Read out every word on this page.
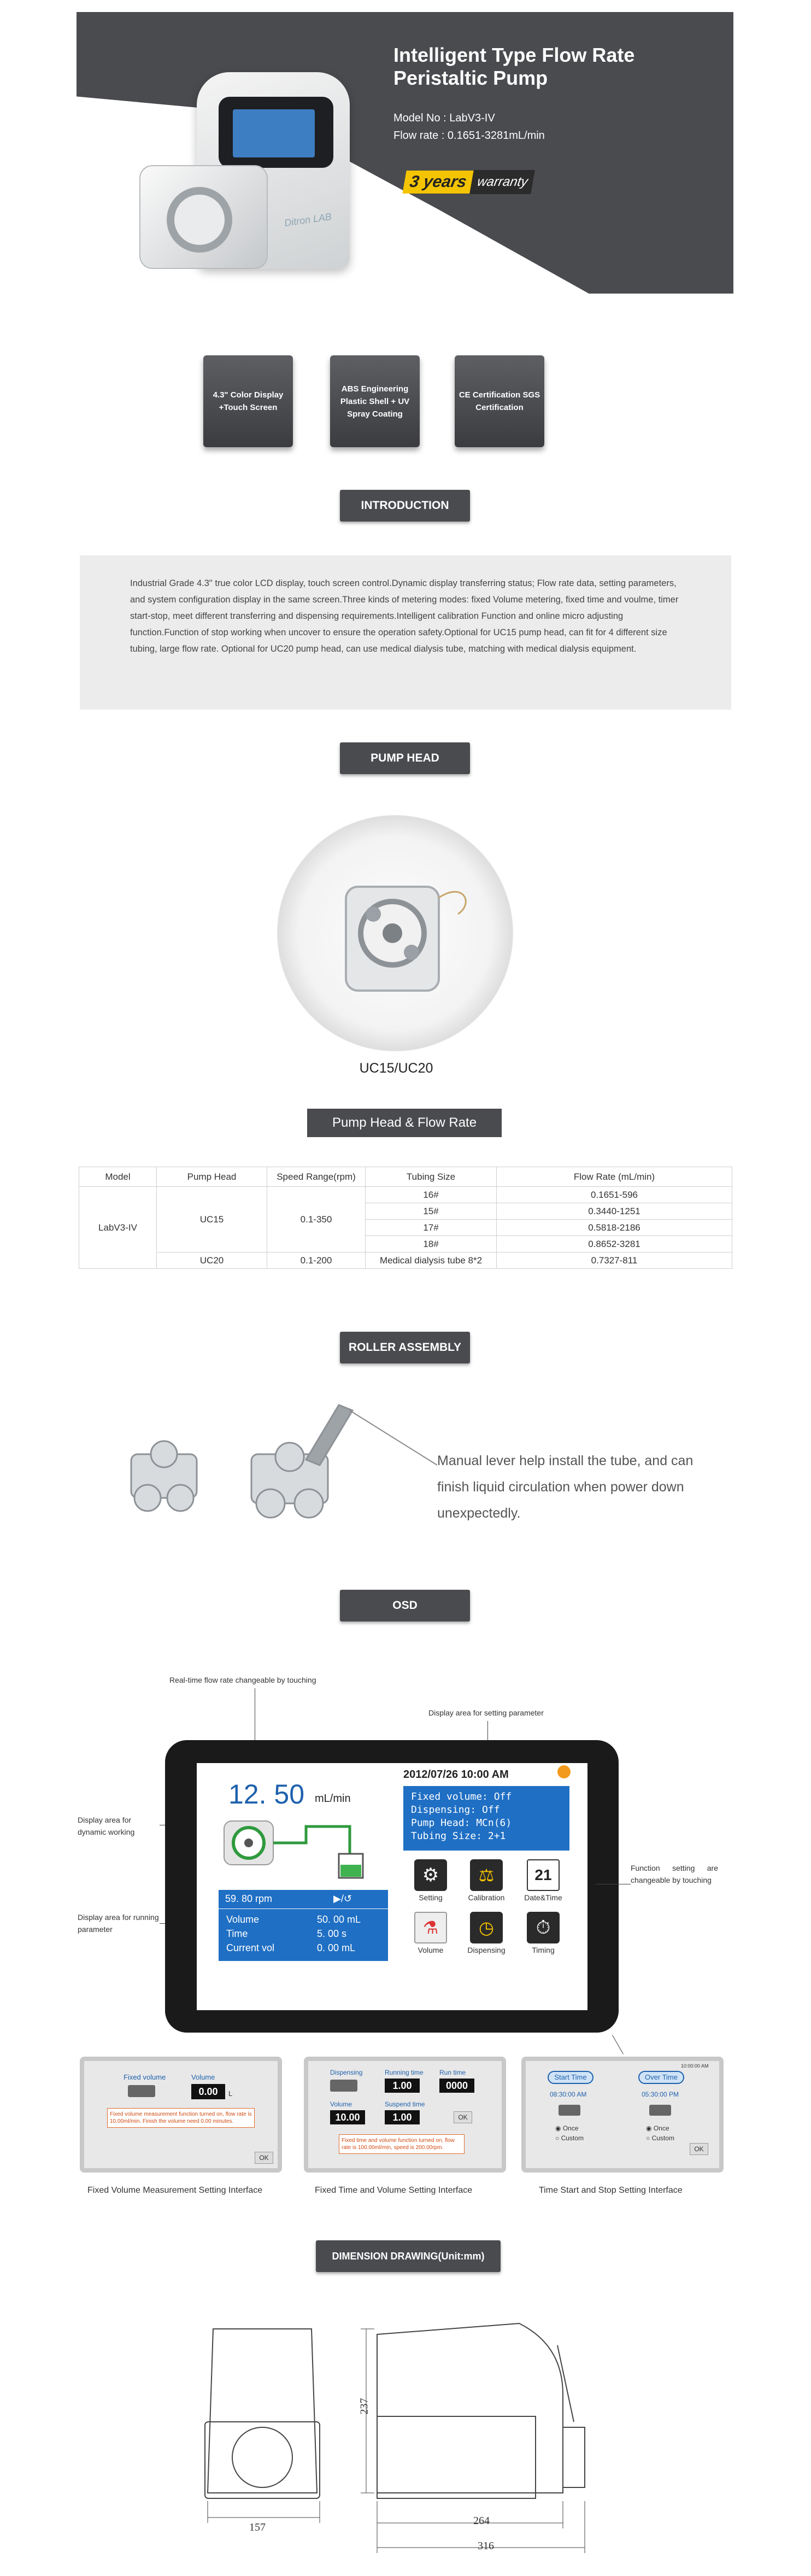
Ditron LAB
Intelligent Type Flow Rate Peristaltic Pump
Model No : LabV3-IV
Flow rate : 0.1651-3281mL/min
3 years warranty
4.3" Color Display +Touch Screen
ABS Engineering Plastic Shell + UV Spray Coating
CE Certification SGS Certification
INTRODUCTION
Industrial Grade 4.3" true color LCD display, touch screen control.Dynamic display transferring status; Flow rate data, setting parameters, and system configuration display in the same screen.Three kinds of metering modes: fixed Volume metering, fixed time and voulme, timer start-stop, meet different transferring and dispensing requirements.Intelligent calibration Function and online micro adjusting function.Function of stop working when uncover to ensure the operation safety.Optional for UC15 pump head, can fit for 4 different size tubing, large flow rate. Optional for UC20 pump head, can use medical dialysis tube, matching with medical dialysis equipment.
PUMP HEAD
UC15/UC20
Pump Head & Flow Rate
Model	Pump Head	Speed Range(rpm)	Tubing Size	Flow Rate (mL/min)
LabV3-IV	UC15	0.1-350	16#	0.1651-596
			15#	0.3440-1251
			17#	0.5818-2186
			18#	0.8652-3281
	UC20	0.1-200	Medical dialysis tube 8*2	0.7327-811
ROLLER ASSEMBLY
Manual lever help install the tube, and can finish liquid circulation when power down unexpectedly.
OSD
Real-time flow rate changeable by touching
Display area for setting parameter
Display area for dynamic working
Display area for running parameter
Function setting are changeable by touching
12. 50 mL/min
2012/07/26 10:00 AM
Fixed volume: Off
Dispensing: Off
Pump Head: MCn(6)
Tubing Size: 2+1
59. 80 rpm	▶/↺
Volume	50. 00 mL
Time	5. 00 s
Current vol	0. 00 mL
⚙
Setting
⚖
Calibration
21
Date&Time
⚗
Volume
◷
Dispensing
⏱
Timing
Fixed volume	Volume
0.00	L
Fixed volume measurement function turned on, flow rate is 10.00ml/min. Finish the volume need 0.00 minutes.
OK
Fixed Volume Measurement Setting Interface
Dispensing	Running time Run time
1.00	0000
Volume	Suspend time
10.00	1.00	OK
Fixed time and volume function turned on, flow rate is 100.00ml/min, speed is 200.00rpm.
Fixed Time and Volume Setting Interface
10:00:00 AM
Start Time	Over Time
08:30:00 AM	05:30:00 PM
◉ Once
○ Custom
◉ Once
○ Custom
OK
Time Start and Stop Setting Interface
DIMENSION DRAWING(Unit:mm)
157
237
264
316
